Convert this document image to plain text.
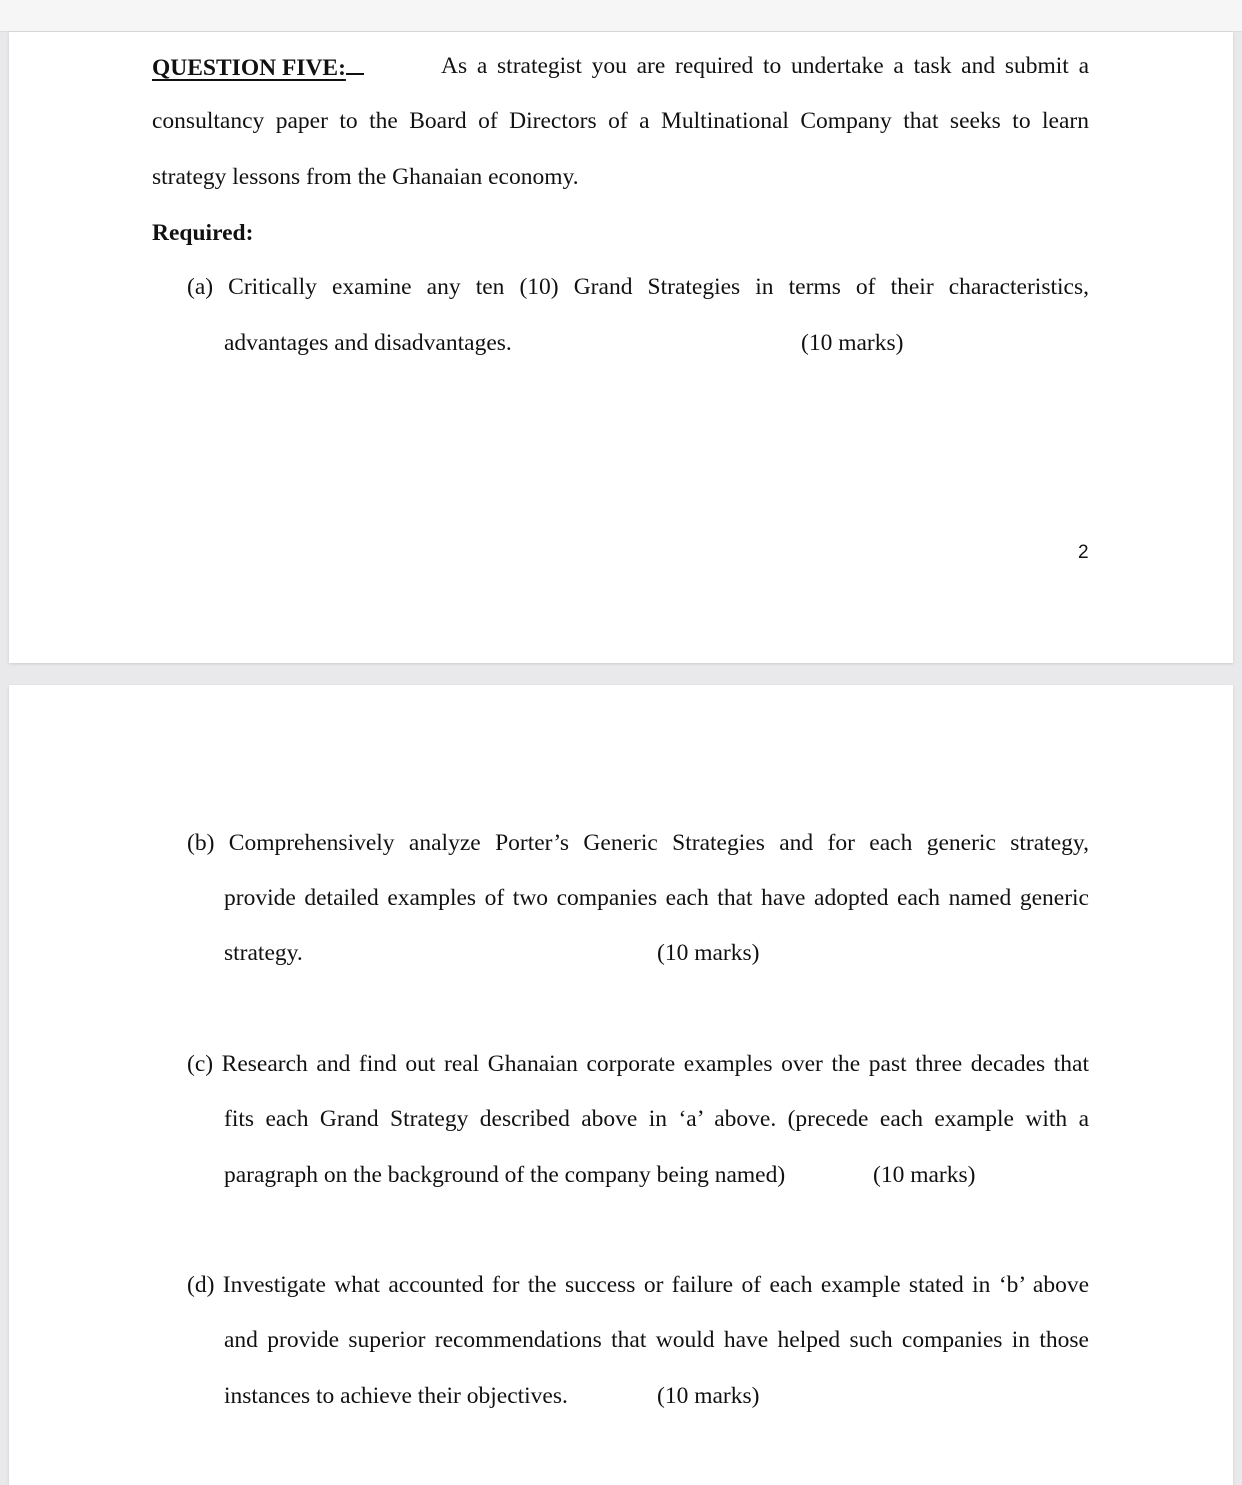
QUESTION FIVE:	As a strategist you are required to undertake a task and submit a
consultancy paper to the Board of Directors of a Multinational Company that seeks to learn
strategy lessons from the Ghanaian economy.
Required:
(a) Critically examine any ten (10) Grand Strategies in terms of their characteristics,
advantages and disadvantages.	(10 marks)
2
(b) Comprehensively analyze Porter’s Generic Strategies and for each generic strategy,
provide detailed examples of two companies each that have adopted each named generic
strategy.	(10 marks)
(c) Research and find out real Ghanaian corporate examples over the past three decades that
fits each Grand Strategy described above in ‘a’ above. (precede each example with a
paragraph on the background of the company being named)	(10 marks)
(d) Investigate what accounted for the success or failure of each example stated in ‘b’ above
and provide superior recommendations that would have helped such companies in those
instances to achieve their objectives.	(10 marks)
